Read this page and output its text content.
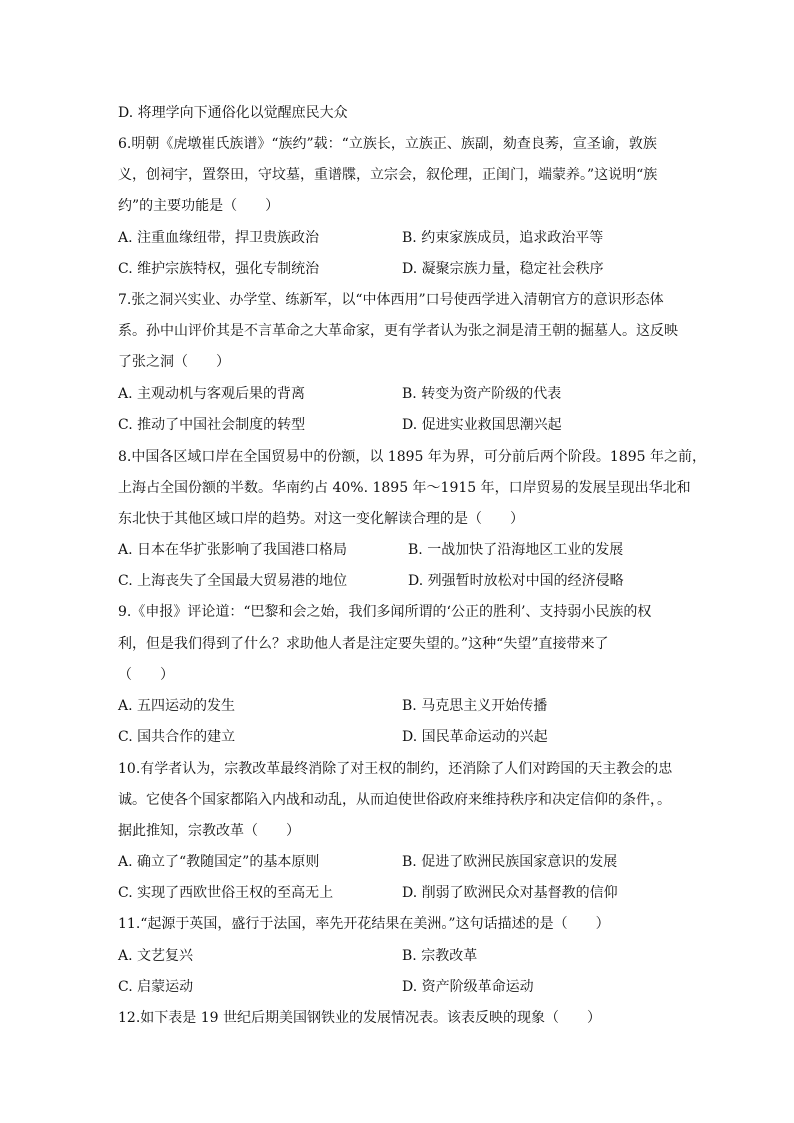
D. 将理学向下通俗化以觉醒庶民大众
6.明朝《虎墩崔氏族谱》“族约”载：“立族长，立族正、族副，劾查良莠，宣圣谕，敦族
义，创祠宇，置祭田，守坟墓，重谱牒，立宗会，叙伦理，正闺门，端蒙养。”这说明“族
约”的主要功能是（　　）
A. 注重血缘纽带，捍卫贵族政治	B. 约束家族成员，追求政治平等
C. 维护宗族特权，强化专制统治	D. 凝聚宗族力量，稳定社会秩序
7.张之洞兴实业、办学堂、练新军，以“中体西用”口号使西学进入清朝官方的意识形态体
系。孙中山评价其是不言革命之大革命家，更有学者认为张之洞是清王朝的掘墓人。这反映
了张之洞（　　）
A. 主观动机与客观后果的背离	B. 转变为资产阶级的代表
C. 推动了中国社会制度的转型	D. 促进实业救国思潮兴起
8.中国各区域口岸在全国贸易中的份额，以 1895 年为界，可分前后两个阶段。1895 年之前，
上海占全国份额的半数。华南约占 40%. 1895 年～1915 年，口岸贸易的发展呈现出华北和
东北快于其他区域口岸的趋势。对这一变化解读合理的是（　　）
A. 日本在华扩张影响了我国港口格局	B. 一战加快了沿海地区工业的发展
C. 上海丧失了全国最大贸易港的地位	D. 列强暂时放松对中国的经济侵略
9.《申报》评论道：“巴黎和会之始，我们多闻所谓的‘公正的胜利’、支持弱小民族的权
利，但是我们得到了什么？求助他人者是注定要失望的。”这种“失望”直接带来了
（　　）
A. 五四运动的发生	B. 马克思主义开始传播
C. 国共合作的建立	D. 国民革命运动的兴起
10.有学者认为，宗教改革最终消除了对王权的制约，还消除了人们对跨国的天主教会的忠
诚。它使各个国家都陷入内战和动乱，从而迫使世俗政府来维持秩序和决定信仰的条件，。
据此推知，宗教改革（　　）
A. 确立了“教随国定”的基本原则	B. 促进了欧洲民族国家意识的发展
C. 实现了西欧世俗王权的至高无上	D. 削弱了欧洲民众对基督教的信仰
11.“起源于英国，盛行于法国，率先开花结果在美洲。”这句话描述的是（　　）
A. 文艺复兴	B. 宗教改革
C. 启蒙运动	D. 资产阶级革命运动
12.如下表是 19 世纪后期美国钢铁业的发展情况表。该表反映的现象（　　）
